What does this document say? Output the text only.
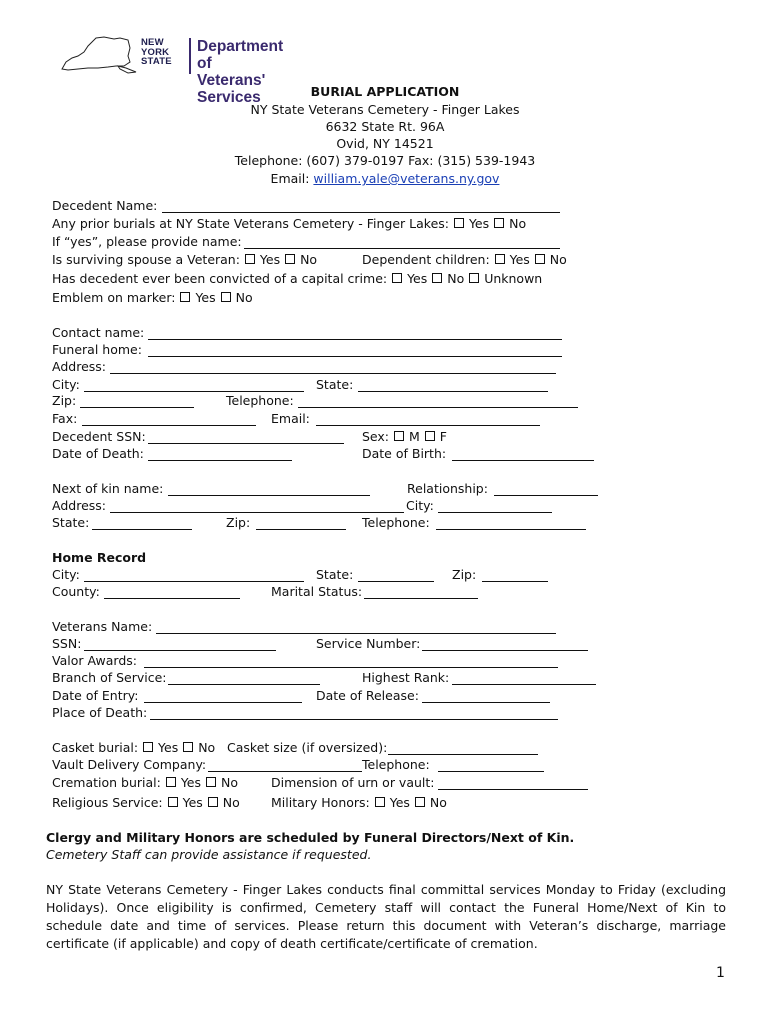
NEW
YORK
STATE
Department of
Veterans' Services	BURIAL APPLICATION
NY State Veterans Cemetery - Finger Lakes
6632 State Rt. 96A
Ovid, NY 14521
Telephone: (607) 379-0197 Fax: (315) 539-1943
Email: william.yale@veterans.ny.gov
Decedent Name:
Any prior burials at NY State Veterans Cemetery - Finger Lakes: Yes No
If “yes”, please provide name:
Is surviving spouse a Veteran: Yes No	Dependent children: Yes No
Has decedent ever been convicted of a capital crime: Yes No Unknown
Emblem on marker: Yes No
Contact name:
Funeral home:
Address:
City:	State:
Zip:	Telephone:
Fax:	Email:
Decedent SSN:	Sex: M F
Date of Death:	Date of Birth:
Next of kin name:	Relationship:
Address:	City:
State:	Zip:	Telephone:
Home Record
City:	State:	Zip:
County:	Marital Status:
Veterans Name:
SSN:	Service Number:
Valor Awards:
Branch of Service:	Highest Rank:
Date of Entry:	Date of Release:
Place of Death:
Casket burial: Yes No Casket size (if oversized):
Vault Delivery Company:	Telephone:
Cremation burial: Yes No	Dimension of urn or vault:
Religious Service: Yes No Military Honors: Yes No
Clergy and Military Honors are scheduled by Funeral Directors/Next of Kin.
Cemetery Staff can provide assistance if requested.
NY State Veterans Cemetery - Finger Lakes conducts final committal services Monday to Friday (excluding Holidays). Once eligibility is confirmed, Cemetery staff will contact the Funeral Home/Next of Kin to schedule date and time of services. Please return this document with Veteran’s discharge, marriage certificate (if applicable) and copy of death certificate/certificate of cremation.
1
